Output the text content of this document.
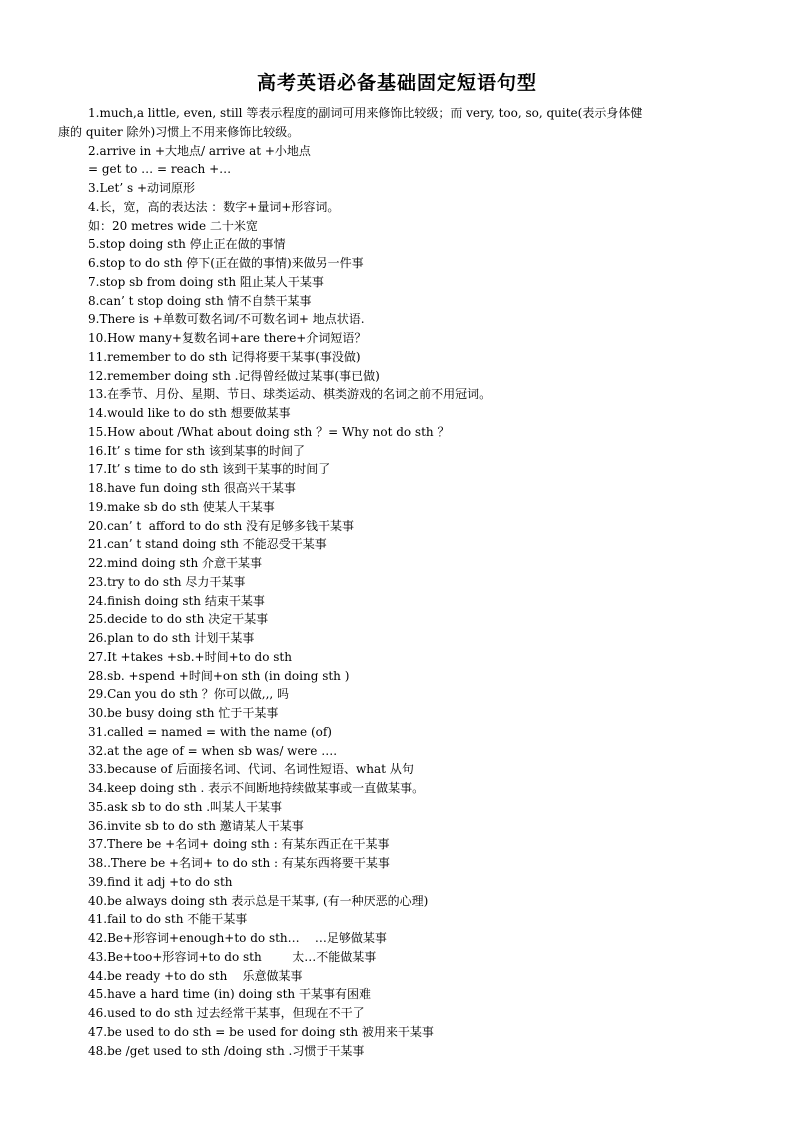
高考英语必备基础固定短语句型
1.much,a little, even, still 等表示程度的副词可用来修饰比较级；而 very, too, so, quite(表示身体健
康的 quiter 除外)习惯上不用来修饰比较级。
2.arrive in +大地点/ arrive at +小地点
= get to … = reach +…
3.Let’ s +动词原形
4.长，宽，高的表达法 ：数字+量词+形容词。
如：20 metres wide 二十米宽
5.stop doing sth 停止正在做的事情
6.stop to do sth 停下(正在做的事情)来做另一件事
7.stop sb from doing sth 阻止某人干某事
8.can’ t stop doing sth 情不自禁干某事
9.There is +单数可数名词/不可数名词+ 地点状语.
10.How many+复数名词+are there+介词短语？
11.remember to do sth 记得将要干某事(事没做)
12.remember doing sth .记得曾经做过某事(事已做)
13.在季节、月份、星期、节日、球类运动、棋类游戏的名词之前不用冠词。
14.would like to do sth 想要做某事
15.How about /What about doing sth ？= Why not do sth ？
16.It’ s time for sth 该到某事的时间了
17.It’ s time to do sth 该到干某事的时间了
18.have fun doing sth 很高兴干某事
19.make sb do sth 使某人干某事
20.can’ t  afford to do sth 没有足够多钱干某事
21.can’ t stand doing sth 不能忍受干某事
22.mind doing sth 介意干某事
23.try to do sth 尽力干某事
24.finish doing sth 结束干某事
25.decide to do sth 决定干某事
26.plan to do sth 计划干某事
27.It +takes +sb.+时间+to do sth
28.sb. +spend +时间+on sth (in doing sth )
29.Can you do sth ？你可以做,,, 吗
30.be busy doing sth 忙于干某事
31.called = named = with the name (of)
32.at the age of = when sb was/ were ….
33.because of 后面接名词、代词、名词性短语、what 从句
34.keep doing sth . 表示不间断地持续做某事或一直做某事。
35.ask sb to do sth .叫某人干某事
36.invite sb to do sth 邀请某人干某事
37.There be +名词+ doing sth : 有某东西正在干某事
38..There be +名词+ to do sth : 有某东西将要干某事
39.find it adj +to do sth
40.be always doing sth 表示总是干某事, (有一种厌恶的心理)
41.fail to do sth 不能干某事
42.Be+形容词+enough+to do sth…    …足够做某事
43.Be+too+形容词+to do sth        太…不能做某事
44.be ready +to do sth    乐意做某事
45.have a hard time (in) doing sth 干某事有困难
46.used to do sth 过去经常干某事，但现在不干了
47.be used to do sth = be used for doing sth 被用来干某事
48.be /get used to sth /doing sth .习惯于干某事
